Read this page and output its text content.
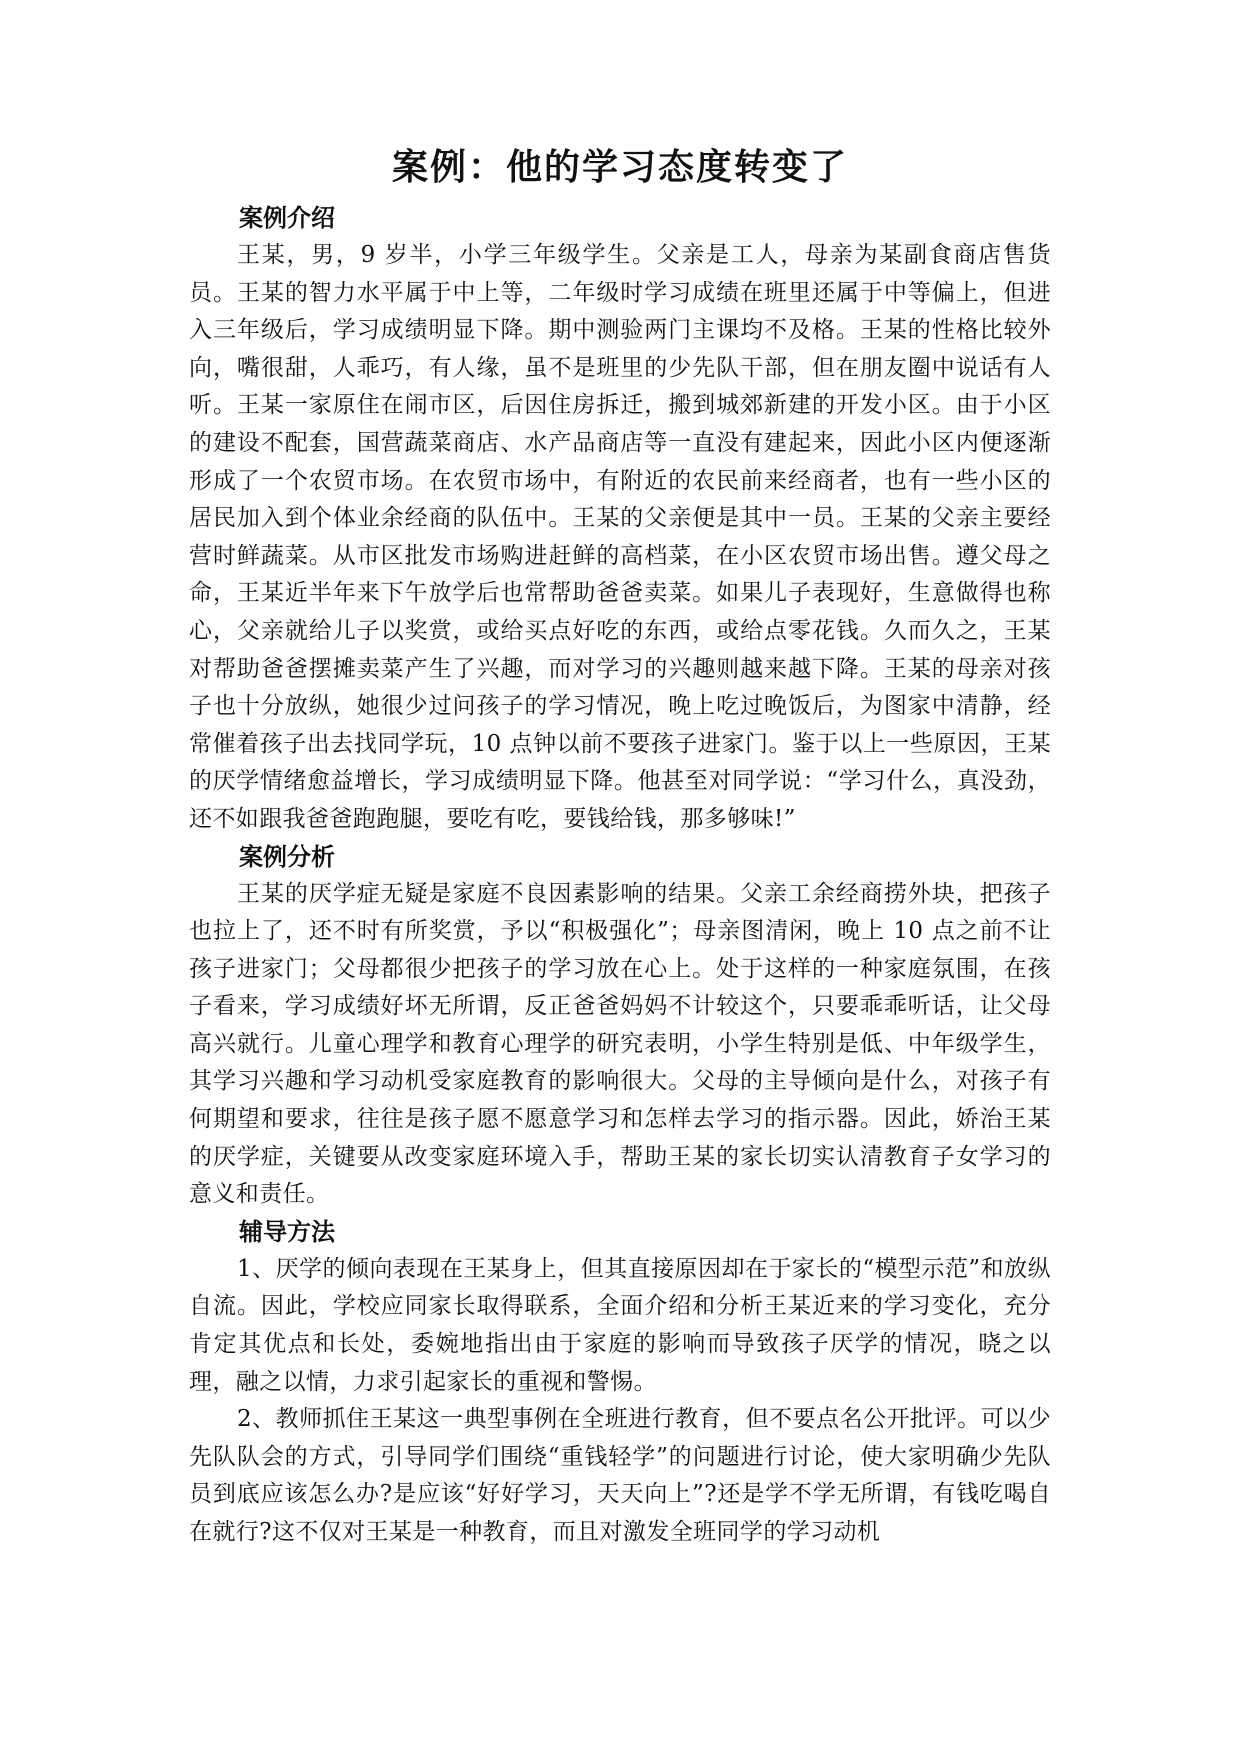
案例：他的学习态度转变了
案例介绍

王某，男，9 岁半，小学三年级学生。父亲是工人，母亲为某副食商店售货员。王某的智力水平属于中上等，二年级时学习成绩在班里还属于中等偏上，但进入三年级后，学习成绩明显下降。期中测验两门主课均不及格。王某的性格比较外向，嘴很甜，人乖巧，有人缘，虽不是班里的少先队干部，但在朋友圈中说话有人听。王某一家原住在闹市区，后因住房拆迁，搬到城郊新建的开发小区。由于小区的建设不配套，国营蔬菜商店、水产品商店等一直没有建起来，因此小区内便逐渐形成了一个农贸市场。在农贸市场中，有附近的农民前来经商者，也有一些小区的居民加入到个体业余经商的队伍中。王某的父亲便是其中一员。王某的父亲主要经营时鲜蔬菜。从市区批发市场购进赶鲜的高档菜，在小区农贸市场出售。遵父母之命，王某近半年来下午放学后也常帮助爸爸卖菜。如果儿子表现好，生意做得也称心，父亲就给儿子以奖赏，或给买点好吃的东西，或给点零花钱。久而久之，王某对帮助爸爸摆摊卖菜产生了兴趣，而对学习的兴趣则越来越下降。王某的母亲对孩子也十分放纵，她很少过问孩子的学习情况，晚上吃过晚饭后，为图家中清静，经常催着孩子出去找同学玩，10 点钟以前不要孩子进家门。鉴于以上一些原因，王某的厌学情绪愈益增长，学习成绩明显下降。他甚至对同学说：“学习什么，真没劲，还不如跟我爸爸跑跑腿，要吃有吃，要钱给钱，那多够味!”

案例分析

王某的厌学症无疑是家庭不良因素影响的结果。父亲工余经商捞外块，把孩子也拉上了，还不时有所奖赏，予以“积极强化”；母亲图清闲，晚上 10 点之前不让孩子进家门；父母都很少把孩子的学习放在心上。处于这样的一种家庭氛围，在孩子看来，学习成绩好坏无所谓，反正爸爸妈妈不计较这个，只要乖乖听话，让父母高兴就行。儿童心理学和教育心理学的研究表明，小学生特别是低、中年级学生，其学习兴趣和学习动机受家庭教育的影响很大。父母的主导倾向是什么，对孩子有何期望和要求，往往是孩子愿不愿意学习和怎样去学习的指示器。因此，娇治王某的厌学症，关键要从改变家庭环境入手，帮助王某的家长切实认清教育子女学习的意义和责任。

辅导方法

1、厌学的倾向表现在王某身上，但其直接原因却在于家长的“模型示范”和放纵自流。因此，学校应同家长取得联系，全面介绍和分析王某近来的学习变化，充分肯定其优点和长处，委婉地指出由于家庭的影响而导致孩子厌学的情况，晓之以理，融之以情，力求引起家长的重视和警惕。

2、教师抓住王某这一典型事例在全班进行教育，但不要点名公开批评。可以少先队队会的方式，引导同学们围绕“重钱轻学”的问题进行讨论，使大家明确少先队员到底应该怎么办?是应该“好好学习，天天向上”?还是学不学无所谓，有钱吃喝自在就行?这不仅对王某是一种教育，而且对激发全班同学的学习动机
